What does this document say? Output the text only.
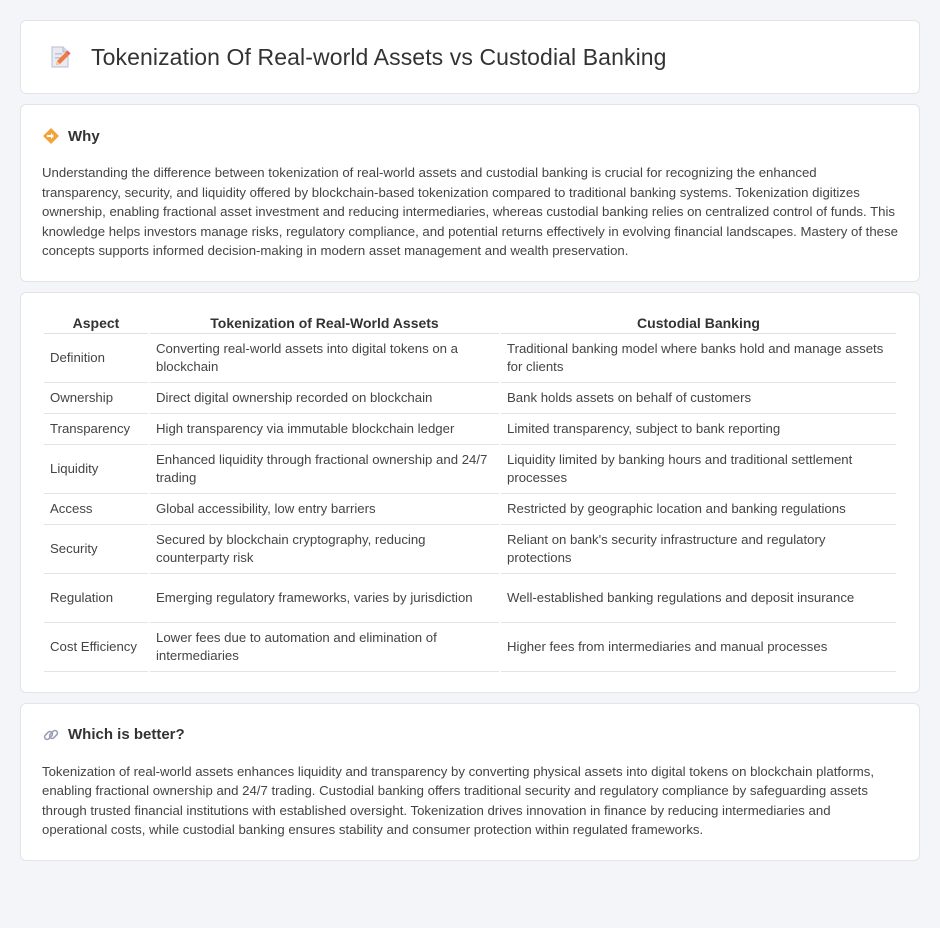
Tokenization Of Real-world Assets vs Custodial Banking
Why

Understanding the difference between tokenization of real-world assets and custodial banking is crucial for recognizing the enhanced transparency, security, and liquidity offered by blockchain-based tokenization compared to traditional banking systems. Tokenization digitizes ownership, enabling fractional asset investment and reducing intermediaries, whereas custodial banking relies on centralized control of funds. This knowledge helps investors manage risks, regulatory compliance, and potential returns effectively in evolving financial landscapes. Mastery of these concepts supports informed decision-making in modern asset management and wealth preservation.

Aspect	Tokenization of Real-World Assets	Custodial Banking
Definition	Converting real-world assets into digital tokens on a blockchain	Traditional banking model where banks hold and manage assets for clients
Ownership	Direct digital ownership recorded on blockchain	Bank holds assets on behalf of customers
Transparency	High transparency via immutable blockchain ledger	Limited transparency, subject to bank reporting
Liquidity	Enhanced liquidity through fractional ownership and 24/7 trading	Liquidity limited by banking hours and traditional settlement processes
Access	Global accessibility, low entry barriers	Restricted by geographic location and banking regulations
Security	Secured by blockchain cryptography, reducing counterparty risk	Reliant on bank's security infrastructure and regulatory protections
Regulation	Emerging regulatory frameworks, varies by jurisdiction	Well-established banking regulations and deposit insurance
Cost Efficiency	Lower fees due to automation and elimination of intermediaries	Higher fees from intermediaries and manual processes
Which is better?

Tokenization of real-world assets enhances liquidity and transparency by converting physical assets into digital tokens on blockchain platforms, enabling fractional ownership and 24/7 trading. Custodial banking offers traditional security and regulatory compliance by safeguarding assets through trusted financial institutions with established oversight. Tokenization drives innovation in finance by reducing intermediaries and operational costs, while custodial banking ensures stability and consumer protection within regulated frameworks.
